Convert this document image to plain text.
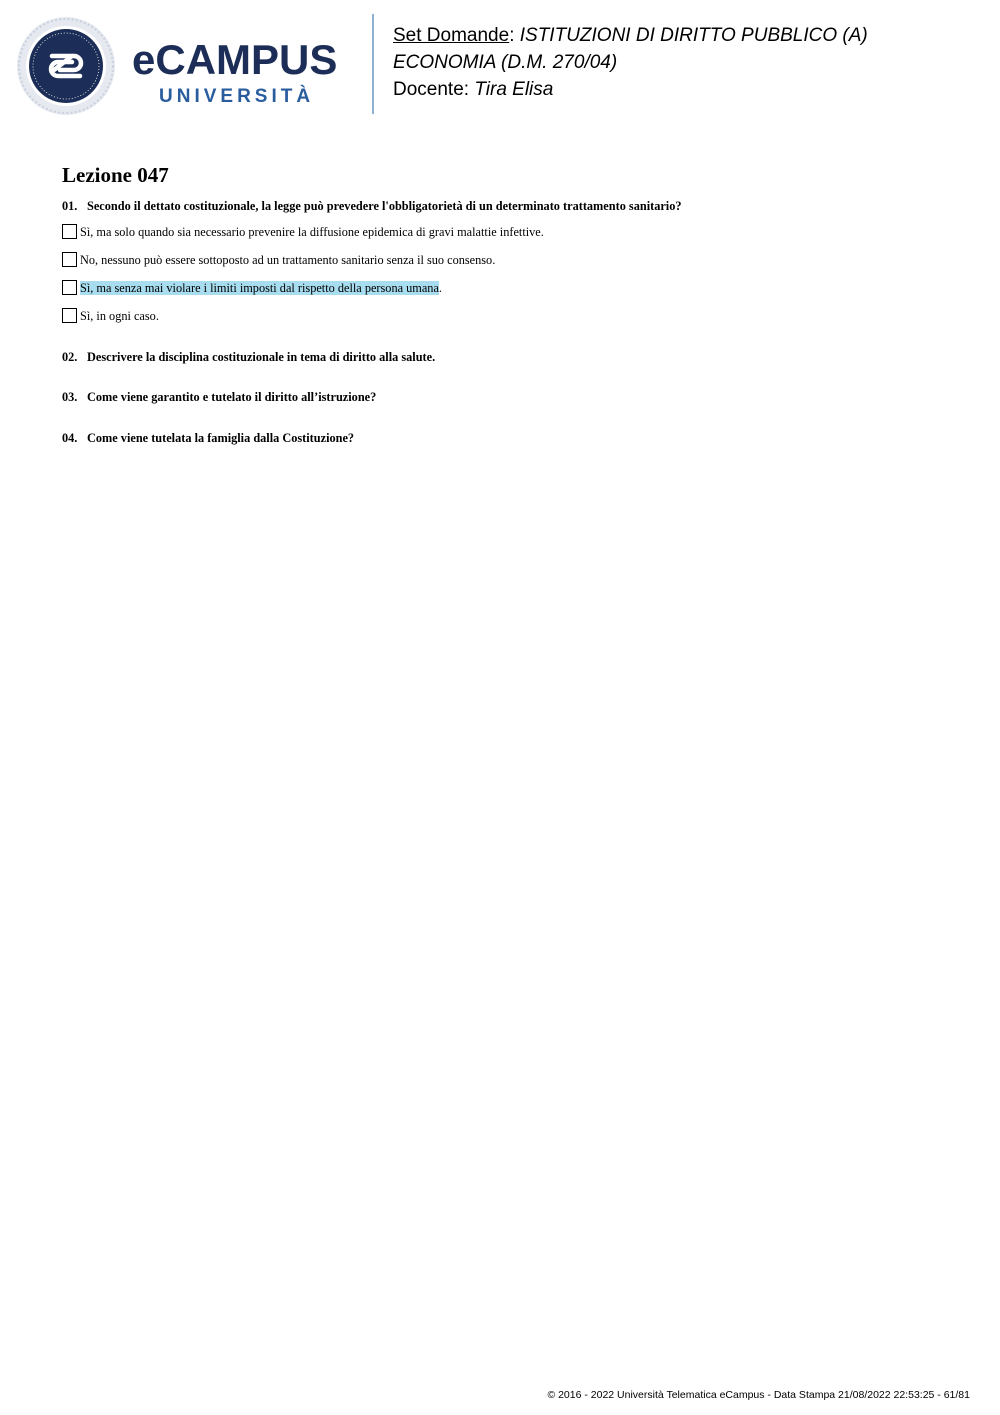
eCAMPUS
UNIVERSITÀ
Set Domande: ISTITUZIONI DI DIRITTO PUBBLICO (A)
ECONOMIA (D.M. 270/04)
Docente: Tira Elisa
Lezione 047
01. Secondo il dettato costituzionale, la legge può prevedere l'obbligatorietà di un determinato trattamento sanitario?
Sì, ma solo quando sia necessario prevenire la diffusione epidemica di gravi malattie infettive.
No, nessuno può essere sottoposto ad un trattamento sanitario senza il suo consenso.
Sì, ma senza mai violare i limiti imposti dal rispetto della persona umana.
Sì, in ogni caso.
02. Descrivere la disciplina costituzionale in tema di diritto alla salute.
03. Come viene garantito e tutelato il diritto all’istruzione?
04. Come viene tutelata la famiglia dalla Costituzione?
© 2016 - 2022 Università Telematica eCampus - Data Stampa 21/08/2022 22:53:25 - 61/81
